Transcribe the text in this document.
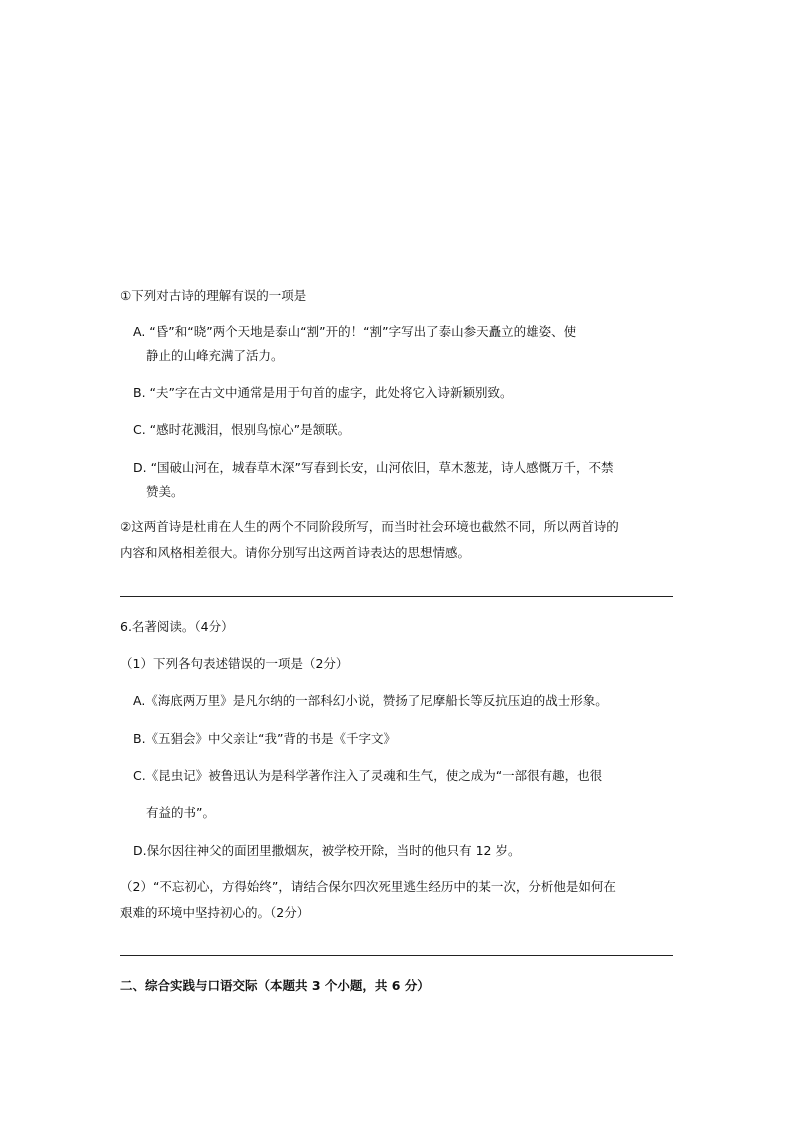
①下列对古诗的理解有误的一项是
A. “昏”和“晓”两个天地是泰山“割”开的！“割”字写出了泰山参天矗立的雄姿、使
静止的山峰充满了活力。
B. “夫”字在古文中通常是用于句首的虚字，此处将它入诗新颖别致。
C. “感时花溅泪，恨别鸟惊心”是颔联。
D. “国破山河在，城春草木深”写春到长安，山河依旧，草木葱茏，诗人感慨万千，不禁
赞美。
②这两首诗是杜甫在人生的两个不同阶段所写，而当时社会环境也截然不同，所以两首诗的
内容和风格相差很大。请你分别写出这两首诗表达的思想情感。
6.名著阅读。（4分）
（1）下列各句表述错误的一项是（2分）
A.《海底两万里》是凡尔纳的一部科幻小说，赞扬了尼摩船长等反抗压迫的战士形象。
B.《五猖会》中父亲让“我”背的书是《千字文》
C.《昆虫记》被鲁迅认为是科学著作注入了灵魂和生气，使之成为“一部很有趣，也很
有益的书”。
D.保尔因往神父的面团里撒烟灰，被学校开除，当时的他只有 12 岁。
（2）“不忘初心，方得始终”，请结合保尔四次死里逃生经历中的某一次，分析他是如何在
艰难的环境中坚持初心的。（2分）
二、综合实践与口语交际（本题共 3 个小题，共 6 分）
